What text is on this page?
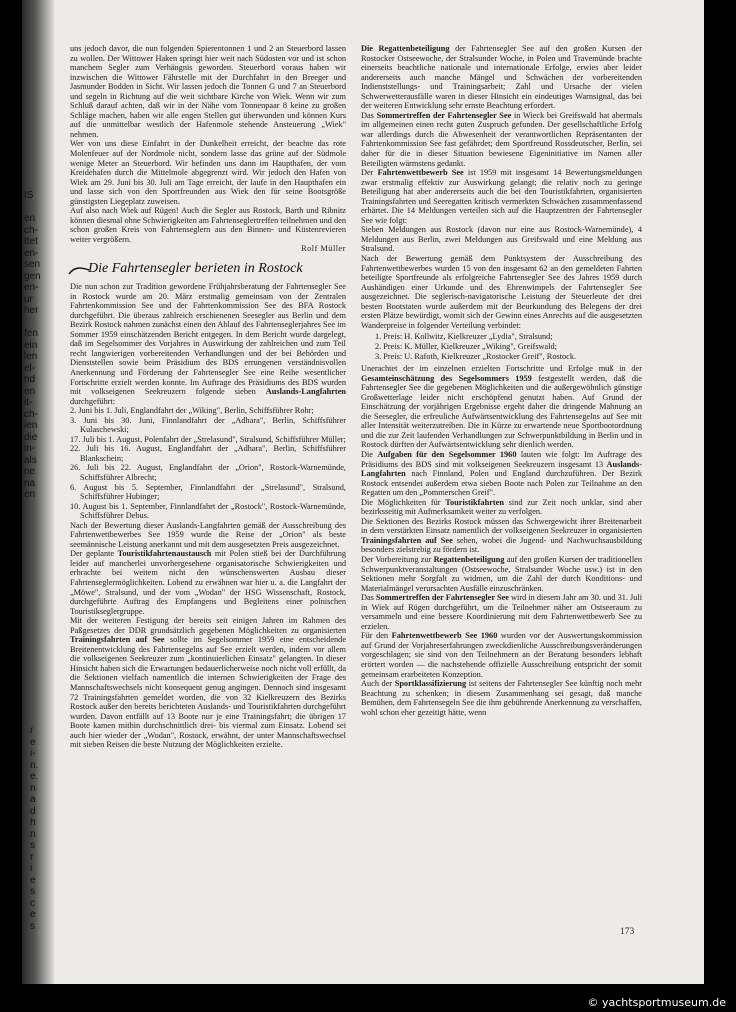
IS

en
ch-
ttet
en-
sen
gen
en-
ur
her

fen
ein
len
el-
nd
en
it-
ch-
ien
die
in-
als
ne
na
en
r
e
i-
n.
e.
n
a
d
h
n
s
r
i
e
s
c
e
s

uns jedoch davor, die nun folgenden Spierentonnen 1 und 2 an Steuerbord lassen zu wollen. Der Wittower Haken springt hier weit nach Südosten vor und ist schon manchem Segler zum Verhängnis geworden. Steuerbord voraus haben wir inzwischen die Wittower Fährstelle mit der Durchfahrt in den Breeger und Jasmunder Bodden in Sicht. Wir lassen jedoch die Tonnen G und 7 an Steuerbord und segeln in Richtung auf die weit sichtbare Kirche von Wiek. Wenn wir zum Schluß darauf achten, daß wir in der Nähe vom Tonnenpaar 8 keine zu großen Schläge machen, haben wir alle engen Stellen gut überwunden und können Kurs auf die unmittelbar westlich der Hafenmole stehende Ansteuerung „Wiek" nehmen.

Wer von uns diese Einfahrt in der Dunkelheit erreicht, der beachte das rote Molenfeuer auf der Nordmole nicht, sondern lasse das grüne auf der Südmole wenige Meter an Steuerbord. Wir befinden uns dann im Haupthafen, der vom Kreidehafen durch die Mittelmole abgegrenzt wird. Wir jedoch den Hafen von Wiek am 29. Juni bis 30. Juli am Tage erreicht, der laufe in den Haupthafen ein und lasse sich von den Sportfreunden aus Wiek den für seine Bootsgröße günstigsten Liegeplatz zuweisen.

Auf also nach Wiek auf Rügen! Auch die Segler aus Rostock, Barth und Ribnitz können diesmal ohne Schwierigkeiten am Fahrtenseglertreffen teilnehmen und den schon großen Kreis von Fahrtenseglern aus den Binnen- und Küstenrevieren weiter vergrößern.

Rolf Müller

Die Fahrtensegler berieten in Rostock

Die nun schon zur Tradition gewordene Frühjahrsberatung der Fahrtensegler See in Rostock wurde am 20. März erstmalig gemeinsam von der Zentralen Fahrtenkommission See und der Fahrtenkommission See des BFA Rostock durchgeführt. Die überaus zahlreich erschienenen Seesegler aus Berlin und dem Bezirk Rostock nahmen zunächst einen den Ablauf des Fahrtenseglerjahres See im Sommer 1959 einschätzenden Bericht entgegen. In dem Bericht wurde dargelegt, daß im Segelsommer des Vorjahres in Auswirkung der zahlreichen und zum Teil recht langwierigen vorbereitenden Verhandlungen und der bei Behörden und Dienststellen sowie beim Präsidium des BDS errungenen verständnisvollen Anerkennung und Förderung der Fahrtensegler See eine Reihe wesentlicher Fortschritte erzielt werden konnte. Im Auftrage des Präsidiums des BDS wurden mit volkseigenen Seekreuzern folgende sieben Auslands-Langfahrten durchgeführt:

2. Juni bis 1. Juli, Englandfahrt der „Wiking", Berlin, Schiffsführer Rohr;
3. Juni bis 30. Juni, Finnlandfahrt der „Adhara", Berlin, Schiffsführer Kulaschewski;
17. Juli bis 1. August, Polenfahrt der „Strelasund", Stralsund, Schiffsführer Müller;
22. Juli bis 16. August, Englandfahrt der „Adhara", Berlin, Schiffsführer Blankschein;
26. Juli bis 22. August, Englandfahrt der „Orion", Rostock-Warnemünde, Schiffsführer Albrecht;
6. August bis 5. September, Finnlandfahrt der „Strelasund", Stralsund, Schiffsführer Hubinger;
10. August bis 1. September, Finnlandfahrt der „Rostock", Rostock-Warnemünde, Schiffsführer Debus.

Nach der Bewertung dieser Auslands-Langfahrten gemäß der Ausschreibung des Fahrtenwettbewerbes See 1959 wurde die Reise der „Orion" als beste seemännische Leistung anerkannt und mit dem ausgesetzten Preis ausgezeichnet.

Der geplante Touristikfahrtenaustausch mit Polen stieß bei der Durchführung leider auf mancherlei unvorhergesehene organisatorische Schwierigkeiten und erbrachte bei weitem nicht den wünschenswerten Ausbau dieser Fahrtenseglermöglichkeiten. Lobend zu erwähnen war hier u. a. die Langfahrt der „Möwe", Stralsund, und der vom „Wodan" der HSG Wissenschaft, Rostock, durchgeführte Auftrag des Empfangens und Begleitens einer polnischen Touristikseglergruppe.

Mit der weiteren Festigung der bereits seit einigen Jahren im Rahmen des Paßgesetzes der DDR grundsätzlich gegebenen Möglichkeiten zu organisierten Trainingsfahrten auf See sollte im Segelsommer 1959 eine entscheidende Breitenentwicklung des Fahrtensegelns auf See erzielt werden, indem vor allem die volkseigenen Seekreuzer zum „kontinuierlichen Einsatz" gelangten. In dieser Hinsicht haben sich die Erwartungen bedauerlicherweise noch nicht voll erfüllt, da die Sektionen vielfach namentlich die internen Schwierigkeiten der Frage des Mannschaftswechsels nicht konsequent genug angingen. Dennoch sind insgesamt 72 Trainingsfahrten gemeldet worden, die von 32 Kielkreuzern des Bezirks Rostock außer den bereits berichteten Auslands- und Touristikfahrten durchgeführt wurden. Davon entfällt auf 13 Boote nur je eine Trainingsfahrt; die übrigen 17 Boote kamen mithin durchschnittlich drei- bis viermal zum Einsatz. Lobend sei auch hier wieder der „Wodan", Rostock, erwähnt, der unter Mannschaftswechsel mit sieben Reisen die beste Nutzung der Möglichkeiten erzielte.

Die Regattenbeteiligung der Fahrtensegler See auf den großen Kursen der Rostocker Ostseewoche, der Stralsunder Woche, in Polen und Travemünde brachte einerseits beachtliche nationale und internationale Erfolge, erwies aber leider andererseits auch manche Mängel und Schwächen der vorbereitenden Indienststellungs- und Trainingsarbeit; Zahl und Ursache der vielen Schwerwetterausfälle waren in dieser Hinsicht ein eindeutiges Warnsignal, das bei der weiteren Entwicklung sehr ernste Beachtung erfordert.

Das Sommertreffen der Fahrtensegler See in Wieck bei Greifswald hat abermals im allgemeinen einen recht guten Zuspruch gefunden. Der gesellschaftliche Erfolg war allerdings durch die Abwesenheit der verantwortlichen Repräsentanten der Fahrtenkommission See fast gefährdet; dem Sportfreund Rossdeutscher, Berlin, sei daher für die in dieser Situation bewiesene Eigeninitiative im Namen aller Beteiligten wärmstens gedankt.

Der Fahrtenwettbewerb See ist 1959 mit insgesamt 14 Bewertungsmeldungen zwar erstmalig effektiv zur Auswirkung gelangt; die relativ noch zu geringe Beteiligung hat aber andererseits auch die bei den Touristikfahrten, organisierten Trainingsfahrten und Seeregatten kritisch vermerkten Schwächen zusammenfassend erhärtet. Die 14 Meldungen verteilen sich auf die Hauptzentren der Fahrtensegler See wie folgt:

Sieben Meldungen aus Rostock (davon nur eine aus Rostock-Warnemünde), 4 Meldungen aus Berlin, zwei Meldungen aus Greifswald und eine Meldung aus Stralsund.

Nach der Bewertung gemäß dem Punktsystem der Ausschreibung des Fahrtenwettbewerbes wurden 15 von den insgesamt 62 an den gemeldeten Fahrten beteiligte Sportfreunde als erfolgreiche Fahrtensegler See des Jahres 1959 durch Aushändigen einer Urkunde und des Ehrenwimpels der Fahrtensegler See ausgezeichnet. Die seglerisch-navigatorische Leistung der Steuerleute der drei besten Bootstaten wurde außerdem mit der Beurkundung des Belegens der drei ersten Plätze bewürdigt, womit sich der Gewinn eines Anrechts auf die ausgesetzten Wanderpreise in folgender Verteilung verbindet:

1. Preis: H. Kollwitz, Kielkreuzer „Lydia", Stralsund;
2. Preis: K. Müller, Kielkreuzer „Wiking", Greifswald;
3. Preis: U. Rafoth, Kielkreuzer „Rostocker Greif", Rostock.

Unerachtet der im einzelnen erzielten Fortschritte und Erfolge muß in der Gesamteinschätzung des Segelsommers 1959 festgestellt werden, daß die Fahrtensegler See die gegebenen Möglichkeiten und die außergewöhnlich günstige Großwetterlage leider nicht erschöpfend genutzt haben. Auf Grund der Einschätzung der vorjährigen Ergebnisse ergeht daher die dringende Mahnung an die Seesegler, die erfreuliche Aufwärtsentwicklung des Fahrtensegelns auf See mit aller Intensität weiterzutreiben. Die in Kürze zu erwartende neue Sportbootordnung und die zur Zeit laufenden Verhandlungen zur Schwerpunktbildung in Berlin und in Rostock dürften der Aufwärtsentwicklung sehr dienlich werden.

Die Aufgaben für den Segelsommer 1960 lauten wie folgt: Im Auftrage des Präsidiums des BDS sind mit volkseigenen Seekreuzern insgesamt 13 Auslands-Langfahrten nach Finnland, Polen und England durchzuführen. Der Bezirk Rostock entsendet außerdem etwa sieben Boote nach Polen zur Teilnahme an den Regatten um den „Pommerschen Greif".

Die Möglichkeiten für Touristikfahrten sind zur Zeit noch unklar, sind aber bezirksseitig mit Aufmerksamkeit weiter zu verfolgen.

Die Sektionen des Bezirks Rostock müssen das Schwergewicht ihrer Breitenarbeit in dem verstärkten Einsatz namentlich der volkseigenen Seekreuzer in organisierten Trainingsfahrten auf See sehen, wobei die Jugend- und Nachwuchsausbildung besonders zielstrebig zu fördern ist.

Der Vorbereitung zur Regattenbeteiligung auf den großen Kursen der traditionellen Schwerpunktveranstaltungen (Ostseewoche, Stralsunder Woche usw.) ist in den Sektionen mehr Sorgfalt zu widmen, um die Zahl der durch Konditions- und Materialmängel verursachten Ausfälle einzuschränken.

Das Sommertreffen der Fahrtensegler See wird in diesem Jahr am 30. und 31. Juli in Wiek auf Rügen durchgeführt, um die Teilnehmer näher am Ostseeraum zu versammeln und eine bessere Koordinierung mit dem Fahrtenwettbewerb See zu erzielen.

Für den Fahrtenwettbewerb See 1960 wurden vor der Auswertungskommission auf Grund der Vorjahreserfahrungen zweckdienliche Ausschreibungsveränderungen vorgeschlagen; sie sind von den Teilnehmern an der Beratung besonders lebhaft erörtert worden — die nachstehende offizielle Ausschreibung entspricht der somit gemeinsam erarbeiteten Konzeption.

Auch der Sportklassifizierung ist seitens der Fahrtensegler See künftig noch mehr Beachtung zu schenken; in diesem Zusammenhang sei gesagt, daß manche Bemühen, dem Fahrtensegeln See die ihm gebührende Anerkennung zu verschaffen, wohl schon eher gezeitigt hätte, wenn

173
© yachtsportmuseum.de
